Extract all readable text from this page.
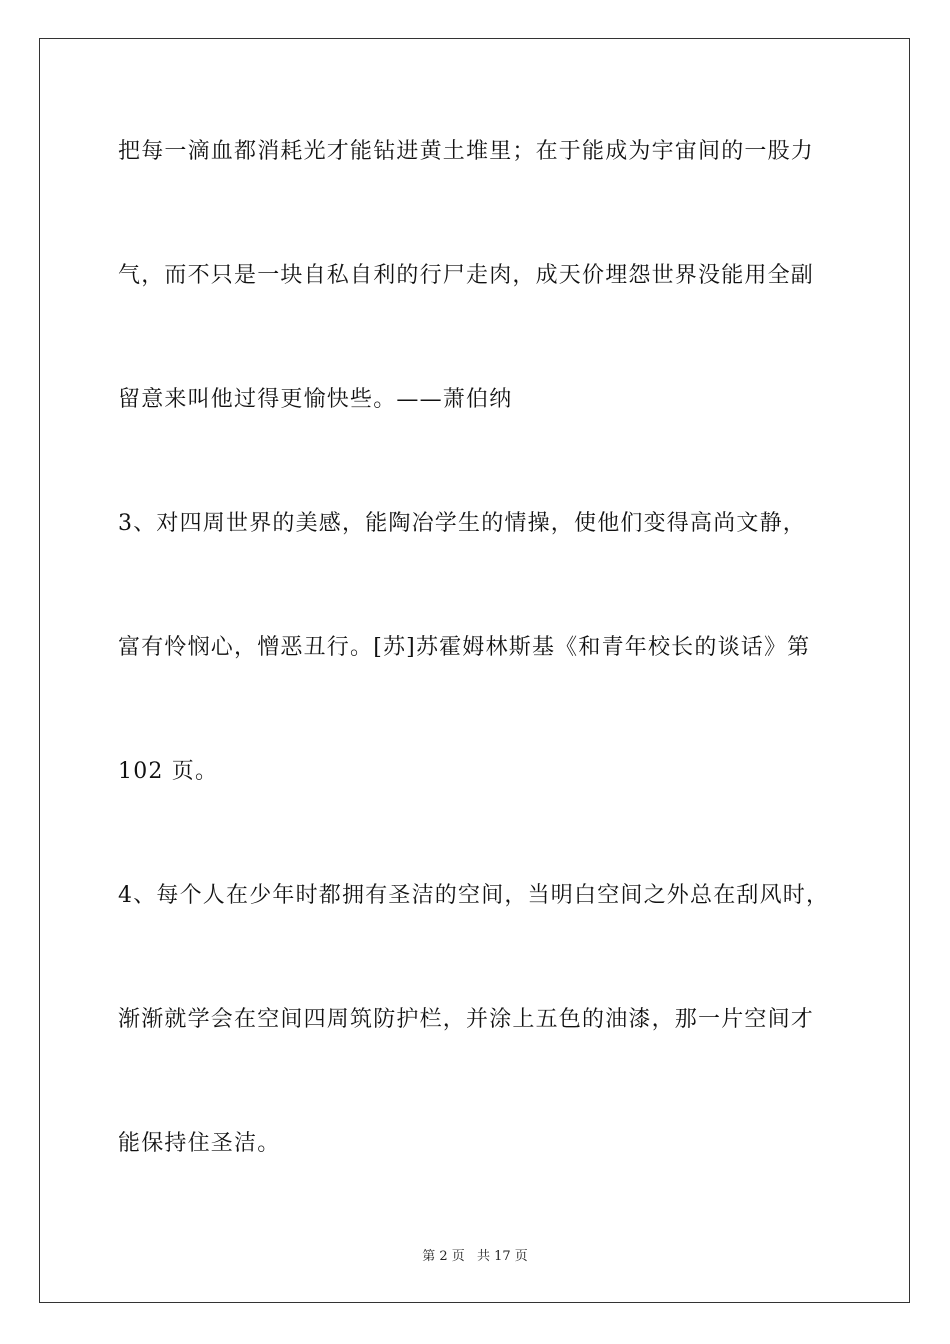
把每一滴血都消耗光才能钻进黄土堆里；在于能成为宇宙间的一股力

气，而不只是一块自私自利的行尸走肉，成天价埋怨世界没能用全副

留意来叫他过得更愉快些。——萧伯纳

3、对四周世界的美感，能陶冶学生的情操，使他们变得高尚文静，

富有怜悯心，憎恶丑行。[苏]苏霍姆林斯基《和青年校长的谈话》第

102 页。

4、每个人在少年时都拥有圣洁的空间，当明白空间之外总在刮风时，

渐渐就学会在空间四周筑防护栏，并涂上五色的油漆，那一片空间才

能保持住圣洁。

第 2 页 共 17 页
